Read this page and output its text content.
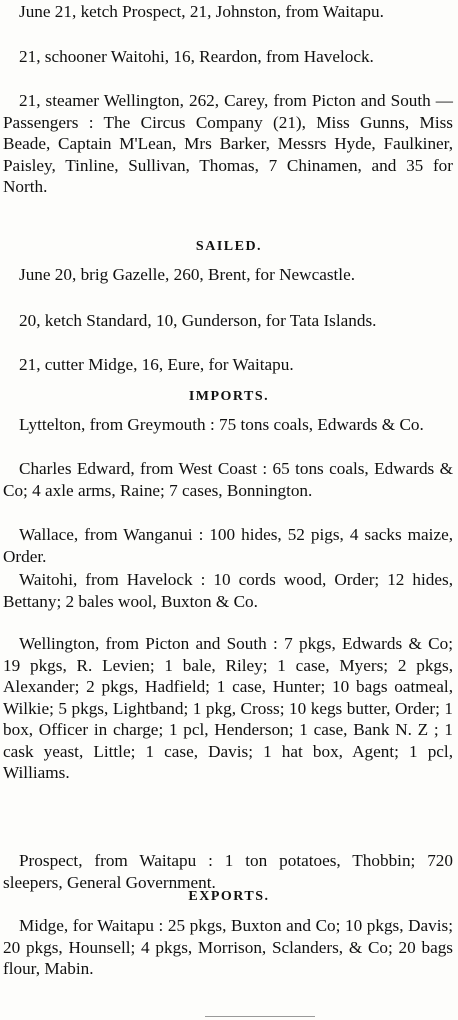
June 21, ketch Prospect, 21, Johnston, from Waitapu.

21, schooner Waitohi, 16, Reardon, from Havelock.

21, steamer Wellington, 262, Carey, from Picton and South —Passengers : The Circus Company (21), Miss Gunns, Miss Beade, Captain M'Lean, Mrs Barker, Messrs Hyde, Faulkiner, Paisley, Tinline, Sullivan, Thomas, 7 Chinamen, and 35 for North.

SAILED.

June 20, brig Gazelle, 260, Brent, for Newcastle.

20, ketch Standard, 10, Gunderson, for Tata Islands.

21, cutter Midge, 16, Eure, for Waitapu.

IMPORTS.

Lyttelton, from Greymouth : 75 tons coals, Edwards & Co.

Charles Edward, from West Coast : 65 tons coals, Edwards & Co; 4 axle arms, Raine; 7 cases, Bonnington.

Wallace, from Wanganui : 100 hides, 52 pigs, 4 sacks maize, Order.

Waitohi, from Havelock : 10 cords wood, Order; 12 hides, Bettany; 2 bales wool, Buxton & Co.

Wellington, from Picton and South : 7 pkgs, Edwards & Co; 19 pkgs, R. Levien; 1 bale, Riley; 1 case, Myers; 2 pkgs, Alexander; 2 pkgs, Hadfield; 1 case, Hunter; 10 bags oatmeal, Wilkie; 5 pkgs, Lightband; 1 pkg, Cross; 10 kegs butter, Order; 1 box, Officer in charge; 1 pcl, Henderson; 1 case, Bank N. Z ; 1 cask yeast, Little; 1 case, Davis; 1 hat box, Agent; 1 pcl, Williams.

Prospect, from Waitapu : 1 ton potatoes, Thobbin; 720 sleepers, General Government.

EXPORTS.

Midge, for Waitapu : 25 pkgs, Buxton and Co; 10 pkgs, Davis; 20 pkgs, Hounsell; 4 pkgs, Morrison, Sclanders, & Co; 20 bags flour, Mabin.
